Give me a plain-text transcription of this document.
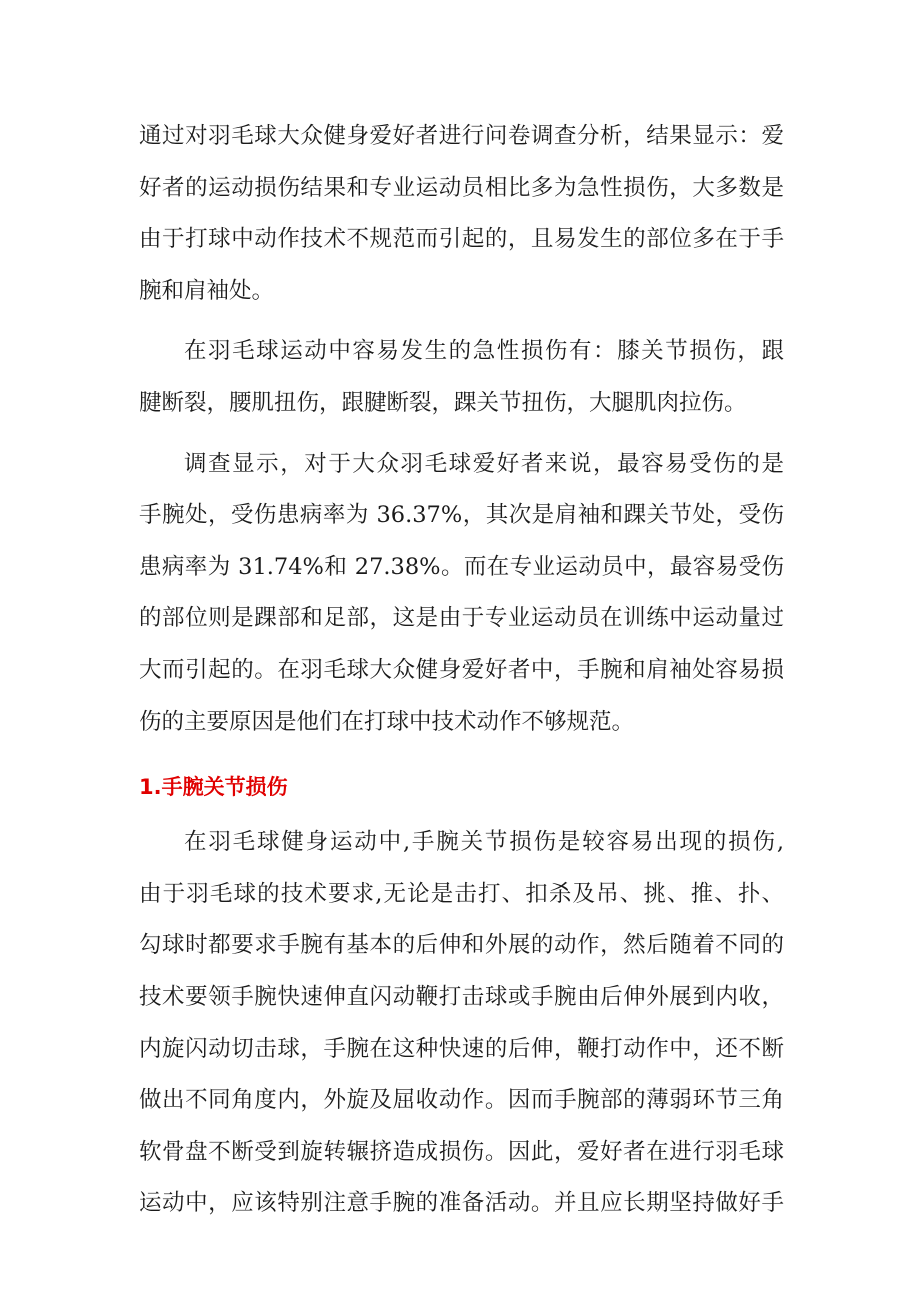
通过对羽毛球大众健身爱好者进行问卷调查分析，结果显示：爱
好者的运动损伤结果和专业运动员相比多为急性损伤，大多数是
由于打球中动作技术不规范而引起的，且易发生的部位多在于手
腕和肩袖处。
在羽毛球运动中容易发生的急性损伤有：膝关节损伤，跟
腱断裂，腰肌扭伤，跟腱断裂，踝关节扭伤，大腿肌肉拉伤。
调查显示，对于大众羽毛球爱好者来说，最容易受伤的是
手腕处，受伤患病率为 36.37%，其次是肩袖和踝关节处，受伤
患病率为 31.74%和 27.38%。而在专业运动员中，最容易受伤
的部位则是踝部和足部，这是由于专业运动员在训练中运动量过
大而引起的。在羽毛球大众健身爱好者中，手腕和肩袖处容易损
伤的主要原因是他们在打球中技术动作不够规范。
1.手腕关节损伤
在羽毛球健身运动中,手腕关节损伤是较容易出现的损伤,
由于羽毛球的技术要求,无论是击打、扣杀及吊、挑、推、扑、
勾球时都要求手腕有基本的后伸和外展的动作，然后随着不同的
技术要领手腕快速伸直闪动鞭打击球或手腕由后伸外展到内收，
内旋闪动切击球，手腕在这种快速的后伸，鞭打动作中，还不断
做出不同角度内，外旋及屈收动作。因而手腕部的薄弱环节三角
软骨盘不断受到旋转辗挤造成损伤。因此，爱好者在进行羽毛球
运动中，应该特别注意手腕的准备活动。并且应长期坚持做好手
